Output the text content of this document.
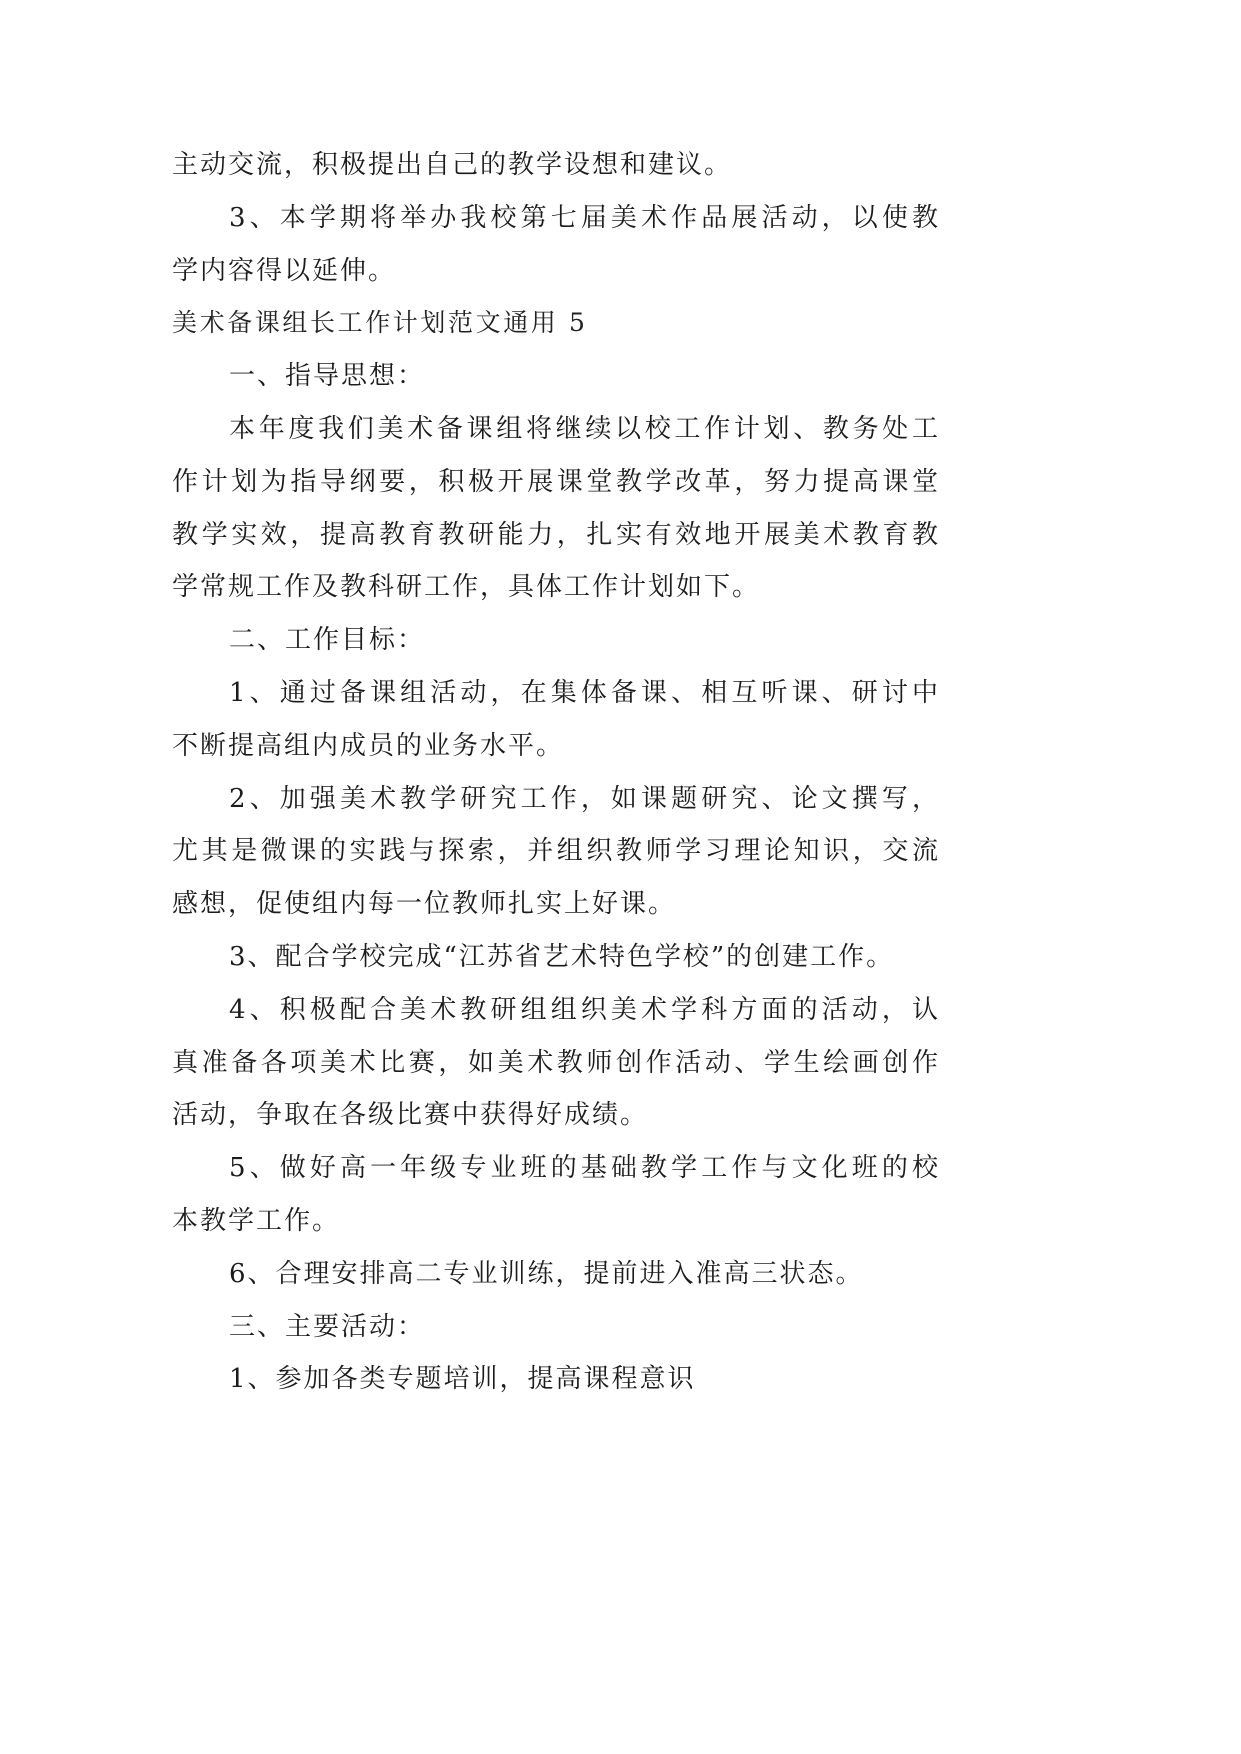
主动交流，积极提出自己的教学设想和建议。
3、本学期将举办我校第七届美术作品展活动，以使教
学内容得以延伸。
美术备课组长工作计划范文通用 5
一、指导思想：
本年度我们美术备课组将继续以校工作计划、教务处工
作计划为指导纲要，积极开展课堂教学改革，努力提高课堂
教学实效，提高教育教研能力，扎实有效地开展美术教育教
学常规工作及教科研工作，具体工作计划如下。
二、工作目标：
1、通过备课组活动，在集体备课、相互听课、研讨中
不断提高组内成员的业务水平。
2、加强美术教学研究工作，如课题研究、论文撰写，
尤其是微课的实践与探索，并组织教师学习理论知识，交流
感想，促使组内每一位教师扎实上好课。
3、配合学校完成“江苏省艺术特色学校”的创建工作。
4、积极配合美术教研组组织美术学科方面的活动，认
真准备各项美术比赛，如美术教师创作活动、学生绘画创作
活动，争取在各级比赛中获得好成绩。
5、做好高一年级专业班的基础教学工作与文化班的校
本教学工作。
6、合理安排高二专业训练，提前进入准高三状态。
三、主要活动：
1、参加各类专题培训，提高课程意识
